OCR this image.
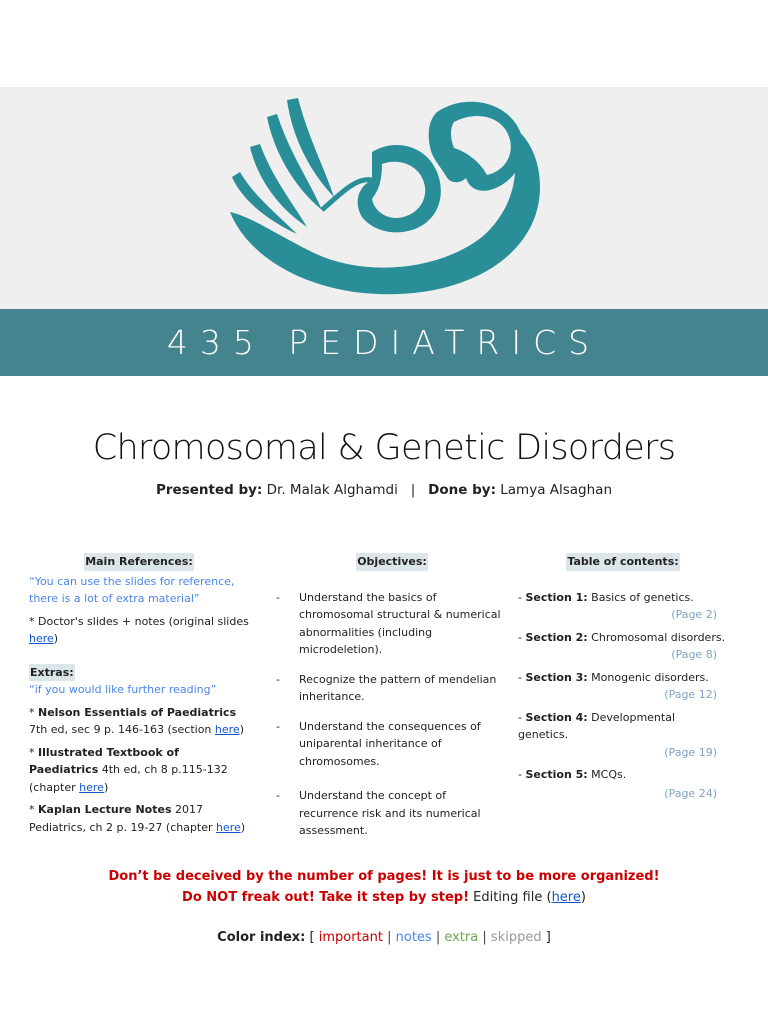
435 PEDIATRICS
Chromosomal & Genetic Disorders
Presented by: Dr. Malak Alghamdi | Done by: Lamya Alsaghan
Main References:
“You can use the slides for reference, there is a lot of extra material”
* Doctor's slides + notes (original slides here)
Extras:
“if you would like further reading”
* Nelson Essentials of Paediatrics 7th ed, sec 9 p. 146-163 (section here)
* Illustrated Textbook of Paediatrics 4th ed, ch 8 p.115-132 (chapter here)
* Kaplan Lecture Notes 2017 Pediatrics, ch 2 p. 19-27 (chapter here)
Objectives:
-	Understand the basics of chromosomal structural & numerical abnormalities (including microdeletion).
-	Recognize the pattern of mendelian inheritance.
-	Understand the consequences of uniparental inheritance of chromosomes.
-	Understand the concept of recurrence risk and its numerical assessment.
Table of contents:
- Section 1: Basics of genetics.
(Page 2)
- Section 2: Chromosomal disorders.
(Page 8)
- Section 3: Monogenic disorders.
(Page 12)
- Section 4: Developmental genetics.
(Page 19)
- Section 5: MCQs.
(Page 24)
Don’t be deceived by the number of pages! It is just to be more organized!
Do NOT freak out! Take it step by step! Editing file (here)
Color index: [ important | notes | extra | skipped ]
